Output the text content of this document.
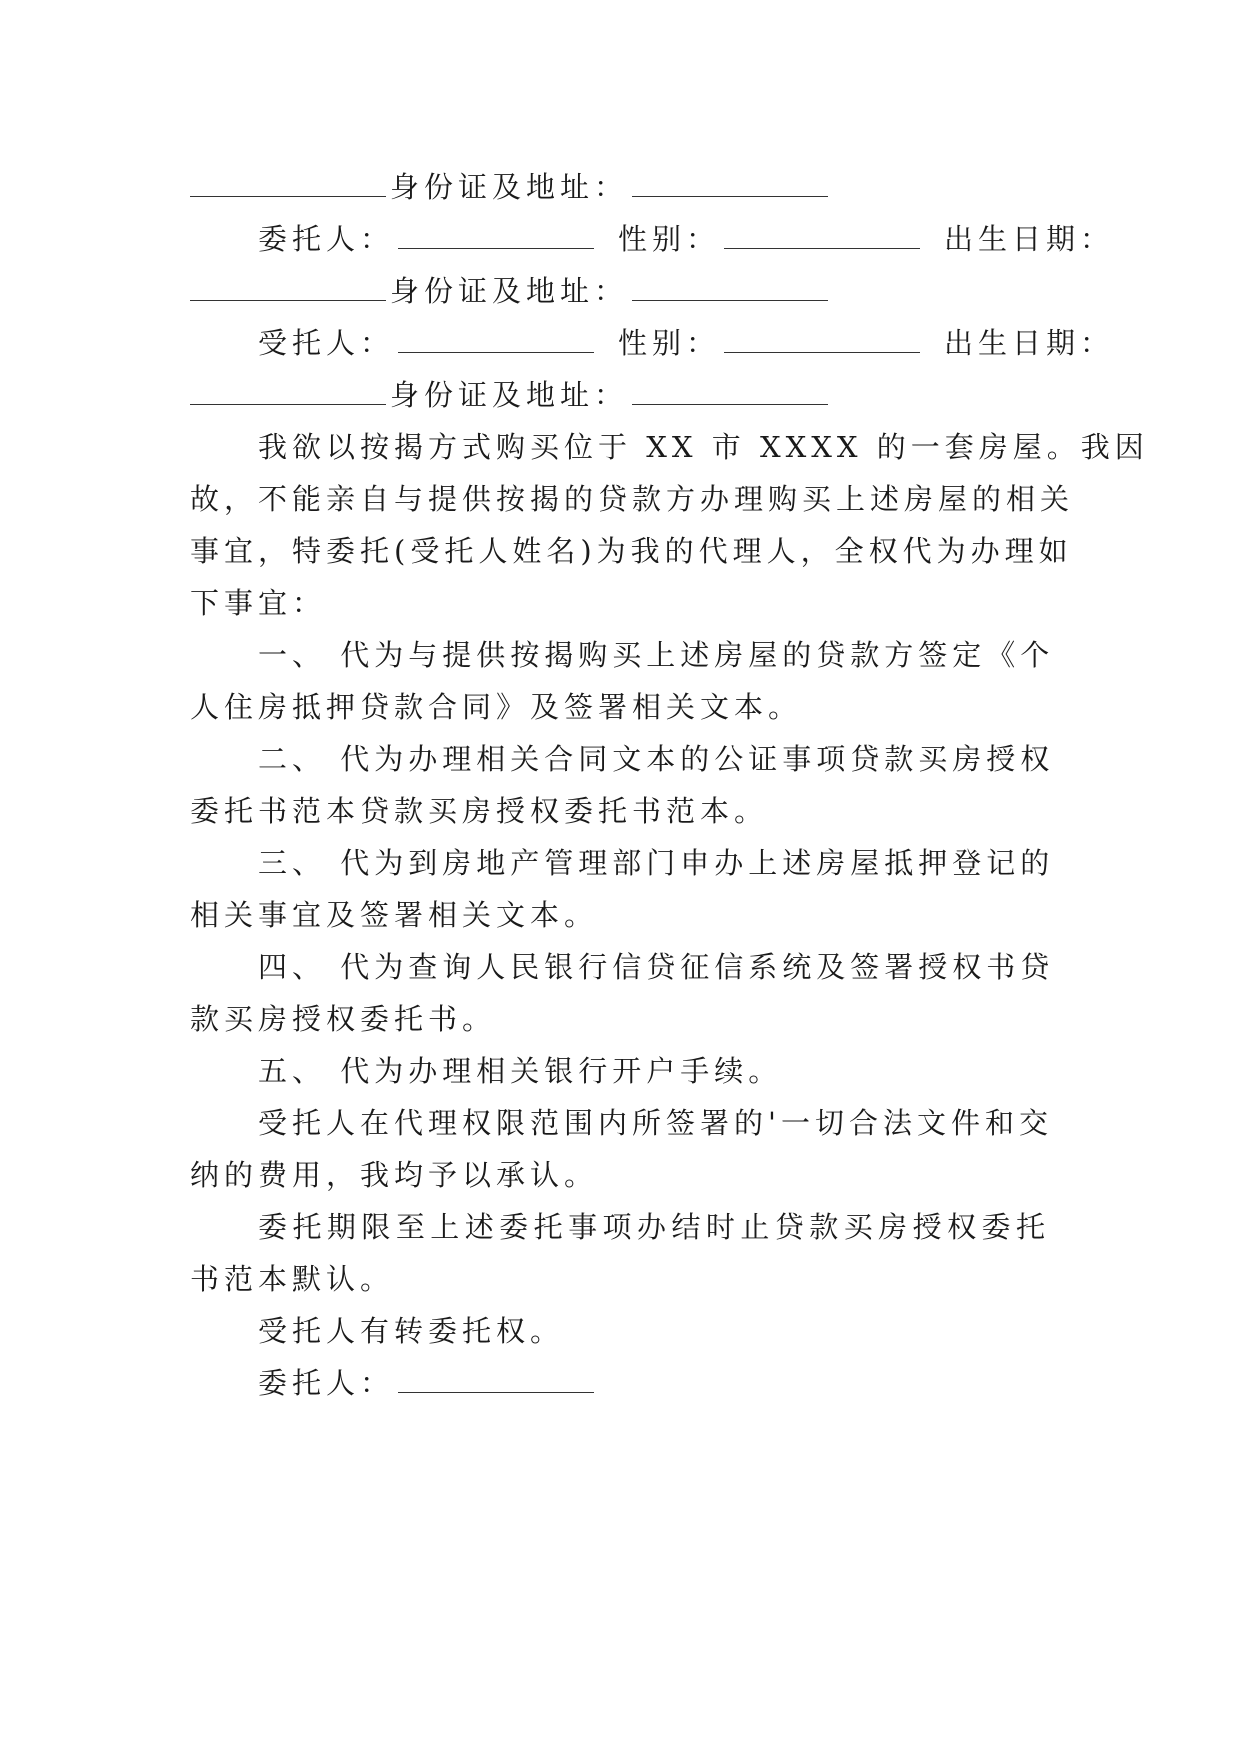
身份证及地址：
委托人：	性别：	出生日期：
身份证及地址：
受托人：	性别：	出生日期：
身份证及地址：
我欲以按揭方式购买位于 XX 市 XXXX 的一套房屋。我因
故，不能亲自与提供按揭的贷款方办理购买上述房屋的相关
事宜，特委托(受托人姓名)为我的代理人，全权代为办理如
下事宜：
一、 代为与提供按揭购买上述房屋的贷款方签定《个
人住房抵押贷款合同》及签署相关文本。
二、 代为办理相关合同文本的公证事项贷款买房授权
委托书范本贷款买房授权委托书范本。
三、 代为到房地产管理部门申办上述房屋抵押登记的
相关事宜及签署相关文本。
四、 代为查询人民银行信贷征信系统及签署授权书贷
款买房授权委托书。
五、 代为办理相关银行开户手续。
受托人在代理权限范围内所签署的'一切合法文件和交
纳的费用，我均予以承认。
委托期限至上述委托事项办结时止贷款买房授权委托
书范本默认。
受托人有转委托权。
委托人：
